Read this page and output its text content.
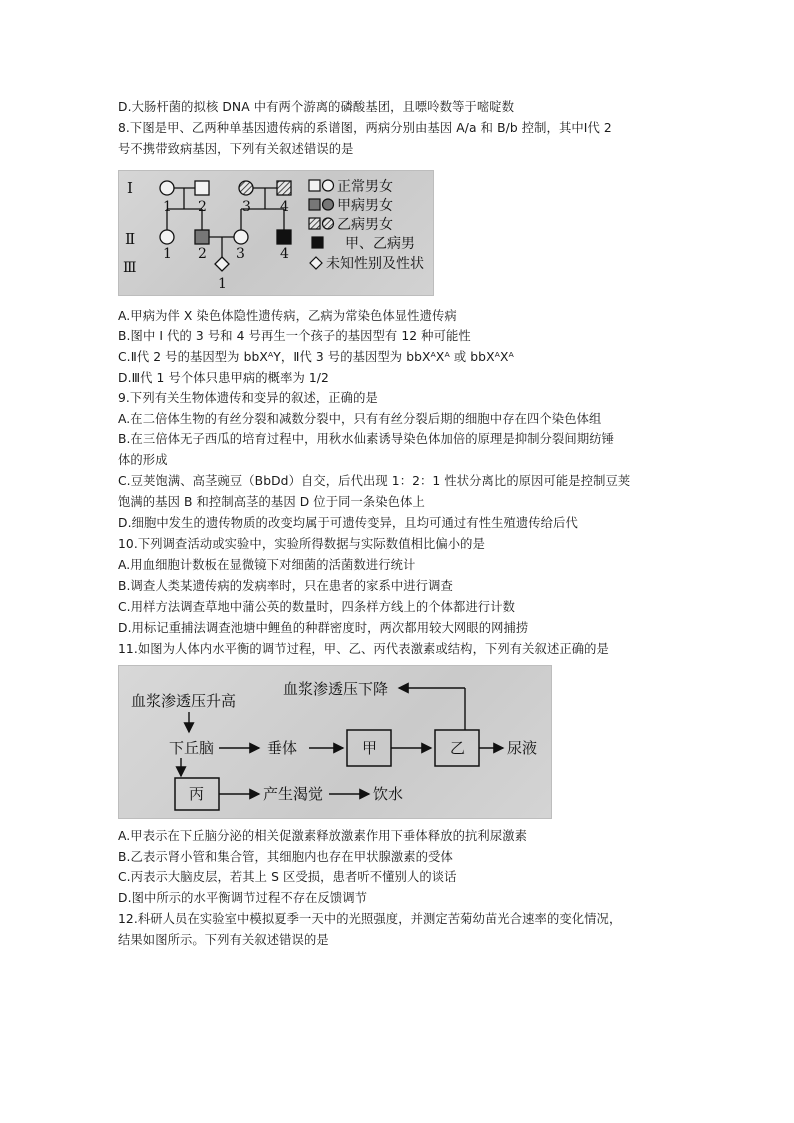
D.大肠杆菌的拟核 DNA 中有两个游离的磷酸基团，且嘌呤数等于嘧啶数
8.下图是甲、乙两种单基因遗传病的系谱图，两病分别由基因 A/a 和 B/b 控制，其中Ⅰ代 2
号不携带致病基因，下列有关叙述错误的是
Ⅰ
Ⅱ
Ⅲ
1 2	3 4
1 2 3	4
1
正常男女
甲病男女
乙病男女
甲、乙病男
未知性别及性状
A.甲病为伴 X 染色体隐性遗传病，乙病为常染色体显性遗传病
B.图中 I 代的 3 号和 4 号再生一个孩子的基因型有 12 种可能性
C.Ⅱ代 2 号的基因型为 bbXᴬY，Ⅱ代 3 号的基因型为 bbXᴬXᴬ 或 bbXᴬXᴬ
D.Ⅲ代 1 号个体只患甲病的概率为 1/2
9.下列有关生物体遗传和变异的叙述，正确的是
A.在二倍体生物的有丝分裂和减数分裂中，只有有丝分裂后期的细胞中存在四个染色体组
B.在三倍体无子西瓜的培育过程中，用秋水仙素诱导染色体加倍的原理是抑制分裂间期纺锤
体的形成
C.豆荚饱满、高茎豌豆（BbDd）自交，后代出现 1：2：1 性状分离比的原因可能是控制豆荚
饱满的基因 B 和控制高茎的基因 D 位于同一条染色体上
D.细胞中发生的遗传物质的改变均属于可遗传变异，且均可通过有性生殖遗传给后代
10.下列调查活动或实验中，实验所得数据与实际数值相比偏小的是
A.用血细胞计数板在显微镜下对细菌的活菌数进行统计
B.调查人类某遗传病的发病率时，只在患者的家系中进行调查
C.用样方法调查草地中蒲公英的数量时，四条样方线上的个体都进行计数
D.用标记重捕法调查池塘中鲤鱼的种群密度时，两次都用较大网眼的网捕捞
11.如图为人体内水平衡的调节过程，甲、乙、丙代表激素或结构，下列有关叙述正确的是
血浆渗透压升高
血浆渗透压下降
下丘脑	垂体	甲	乙	尿液
丙	产生渴觉	饮水
A.甲表示在下丘脑分泌的相关促激素释放激素作用下垂体释放的抗利尿激素
B.乙表示肾小管和集合管，其细胞内也存在甲状腺激素的受体
C.丙表示大脑皮层，若其上 S 区受损，患者听不懂别人的谈话
D.图中所示的水平衡调节过程不存在反馈调节
12.科研人员在实验室中模拟夏季一天中的光照强度，并测定苦菊幼苗光合速率的变化情况，
结果如图所示。下列有关叙述错误的是
